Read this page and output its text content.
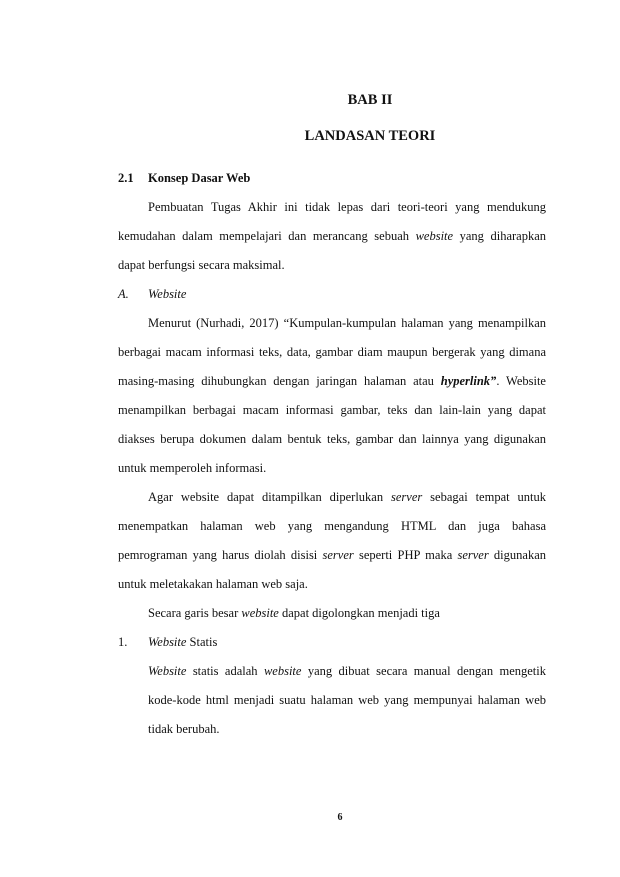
BAB II
LANDASAN TEORI
2.1 Konsep Dasar Web
Pembuatan Tugas Akhir ini tidak lepas dari teori-teori yang mendukung
kemudahan dalam mempelajari dan merancang sebuah website yang diharapkan
dapat berfungsi secara maksimal.
A. Website
Menurut (Nurhadi, 2017) “Kumpulan-kumpulan halaman yang menampilkan
berbagai macam informasi teks, data, gambar diam maupun bergerak yang dimana
masing-masing dihubungkan dengan jaringan halaman atau hyperlink”. Website
menampilkan berbagai macam informasi gambar, teks dan lain-lain yang dapat
diakses berupa dokumen dalam bentuk teks, gambar dan lainnya yang digunakan
untuk memperoleh informasi.
Agar website dapat ditampilkan diperlukan server sebagai tempat untuk
menempatkan halaman web yang mengandung HTML dan juga bahasa
pemrograman yang harus diolah disisi server seperti PHP maka server digunakan
untuk meletakakan halaman web saja.
Secara garis besar website dapat digolongkan menjadi tiga
1. Website Statis
Website statis adalah website yang dibuat secara manual dengan mengetik
kode-kode html menjadi suatu halaman web yang mempunyai halaman web
tidak berubah.
6
